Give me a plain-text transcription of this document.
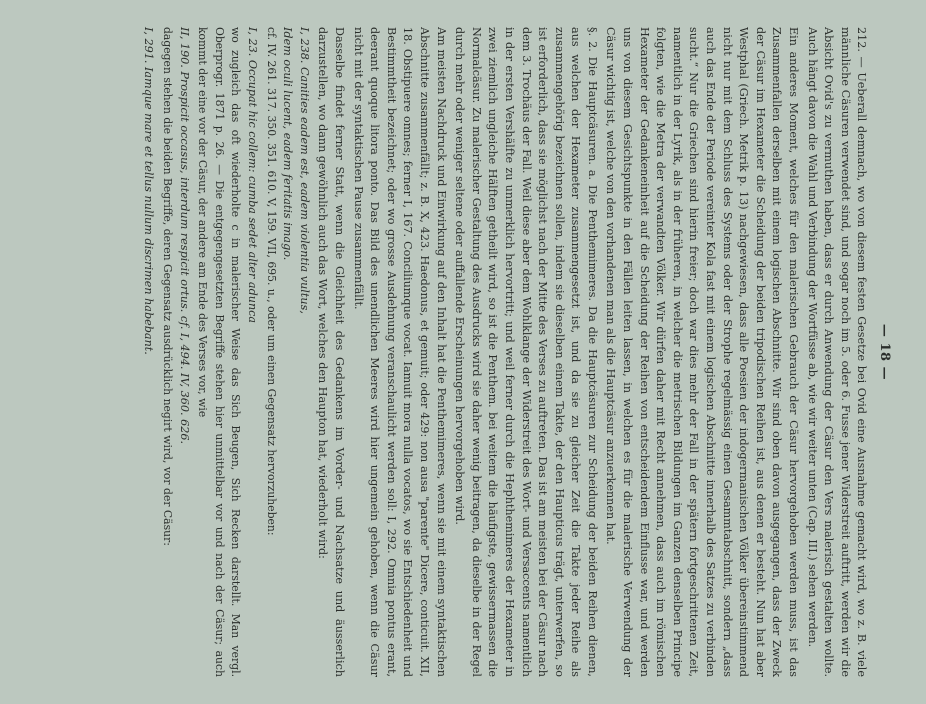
— 18 —

212. — Ueberall demnach, wo von diesem festen Gesetze bei Ovid eine Ausnahme gemacht wird, wo z. B. viele männliche Cäsuren verwendet sind, und sogar noch im 5. oder 6. Fusse jener Widerstreit auftritt, werden wir die Absicht Ovid's zu vermuthen haben, dass er durch Anwendung der Cäsur den Vers malerisch gestalten wollte. Auch hängt davon die Wahl und Verbindung der Wortfüsse ab, wie wir weiter unten (Cap. III.) sehen werden.

Ein anderes Moment, welches für den malerischen Gebrauch der Cäsur hervorgehoben werden muss, ist das Zusammenfallen derselben mit einem logischen Abschnitte. Wir sind oben davon ausgegangen, dass der Zweck der Cäsur im Hexameter die Scheidung der beiden tripodischen Reihen ist, aus denen er besteht. Nun hat aber Westphal (Griech. Metrik p. 13) nachgewiesen, dass alle Poesien der indogermanischen Völker übereinstimmend nicht nur mit dem Schluss des Systems oder der Strophe regelmässig einen Gesammtabschnitt, sondern „dass auch das Ende der Periode vereinter Kola fast mit einem logischen Abschnitte innerhalb des Satzes zu verbinden sucht.“ Nur die Griechen sind hierin freier; doch war dies mehr der Fall in der spätern fortgeschrittenen Zeit, namentlich in der Lyrik, als in der früheren, in welcher die metrischen Bildungen im Ganzen denselben Principe folgten, wie die Metra der verwandten Völker. Wir dürfen daher mit Recht annehmen, dass auch im römischen Hexameter der Gedankeneinheit auf die Scheidung der Reihen von entscheidendem Einflusse war, und werden uns von diesem Gesichtspunkte in den Fällen leiten lassen, in welchen es für die malerische Verwendung der Cäsur wichtig ist, welche von den vorhandenen man als die Hauptcäsur anzuerkennen hat.

§. 2. Die Hauptcäsuren. a. Die Penthemimeres. Da die Hauptcäsuren zur Scheidung der beiden Reihen dienen, aus welchen der Hexameter zusammengesetzt ist, und da sie zu gleicher Zeit die Takte jeder Reihe als zusammengehörig bezeichnen sollen, indem sie dieselben einem Takte, der den Haupticus trägt, unterwerfen, so ist erforderlich, dass sie möglichst nach der Mitte des Verses zu auftreten. Das ist am meisten bei der Cäsur nach dem 3. Trochäus der Fall. Weil diese aber dem Wohlklange der Widerstreit des Wort- und Versaccents namentlich in der ersten Vershälfte zu unmerklich hervortritt; und weil ferner durch die Hephthemimeres der Hexameter in zwei ziemlich ungleiche Hälften getheilt wird, so ist die Penthem. bei weitem die häufigste, gewissermassen die Normalcäsur. Zu malerischer Gestaltung des Ausdrucks wird sie daher wenig beitragen, da dieselbe in der Regel durch mehr oder weniger seltene oder auffallende Erscheinungen hervorgehoben wird.

Am meisten Nachdruck und Einwirkung auf den Inhalt hat die Penthemimeres, wenn sie mit einem syntaktischen Abschnitte zusammenfällt; z. B. X, 423. Haedonus, et gemuit; oder 429: non ausa "parente" Dicere, conticuit. XII, 18. Obstipuere omnes; ferner I, 167. Conciliumque vocat. Iamuit mora nulla vocatos, wo sie Entschiedenheit und Bestimmtheit bezeichnet; oder wo grosse Ausdehnung veranschaulicht werden soll: I, 292. Omnia pontus erant, deerant quoque litora ponto. Das Bild des unendlichen Meeres wird hier ungemein gehoben, wenn die Cäsur nicht mit der syntaktischen Pause zusammenfällt.

Dasselbe findet ferner Statt, wenn die Gleichheit des Gedankens im Vorder- und Nachsatze und äusserlich darzustellen, wo dann gewöhnlich auch das Wort, welches den Haupton hat, wiederholt wird:

I, 238. Canities eadem est, eadem violentia vultus,

Idem oculi lucent, eadem feritatis imago.

cf. IV. 261. 317. 350. 351. 610. V, 159. VII, 695. u., oder um einen Gegensatz hervorzuheben:

I, 23. Occupat hic collem: cumba sedet alter adunca

wo zugleich das oft wiederholte c in malerischer Weise das Sich Beugen, Sich Recken darstellt. Man vergl. Oberprogr. 1871 p. 26. — Die entgegengesetzten Begriffe stehen hier unmittelbar vor und nach der Cäsur; auch kommt der eine vor der Cäsur, der andere am Ende des Verses vor, wie

II, 190. Prospicit occasus, interdum respicit ortus. cf. I, 494. IV, 360. 626.

dagegen stehen die beiden Begriffe, deren Gegensatz ausdrücklich negirt wird, vor der Cäsur:

I, 291. Iamque mare et tellus nullum discrimen habebant.
